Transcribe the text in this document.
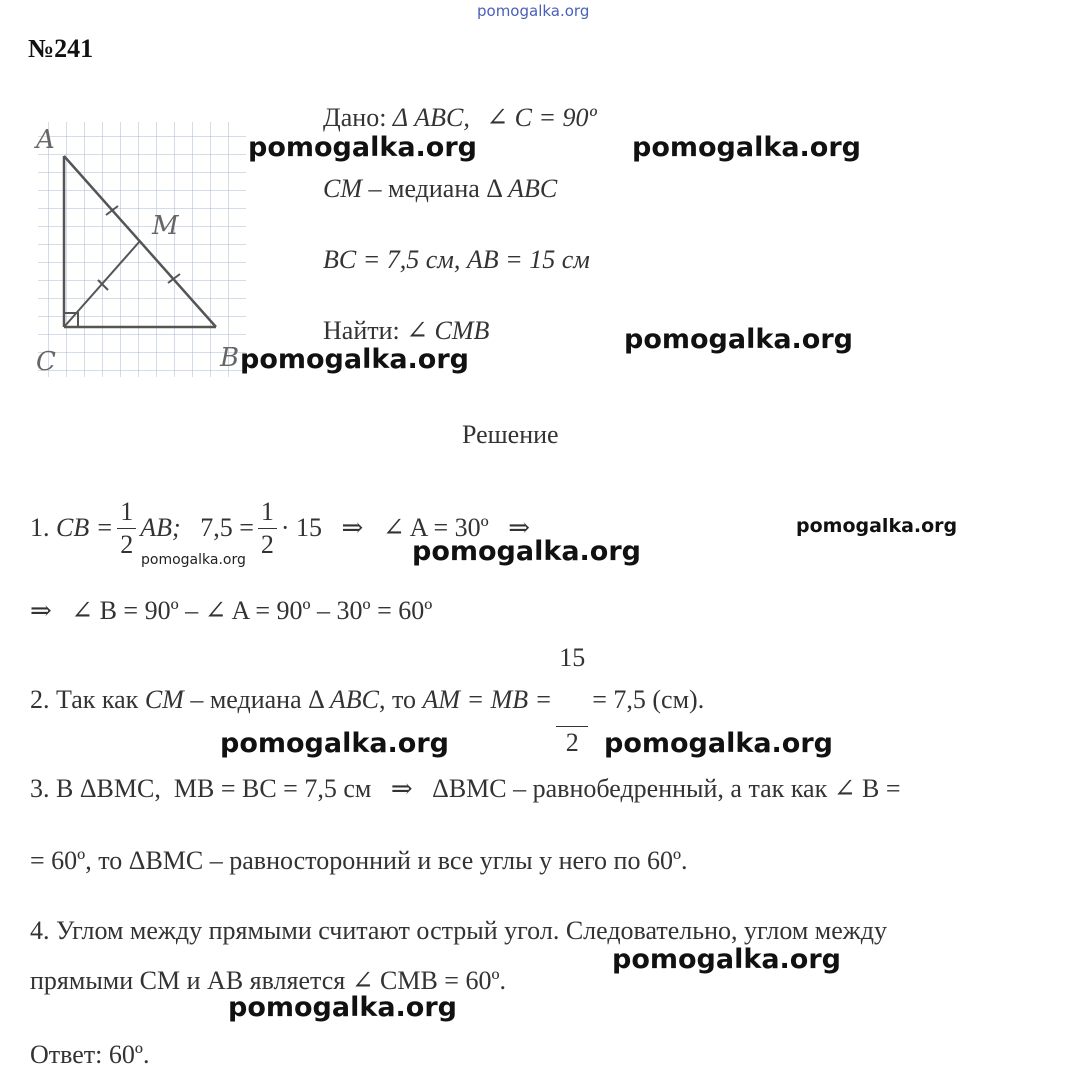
pomogalka.org
№241
A
C	B
M
Дано: Δ ABC, ∠ C = 90º
CM – медиана Δ ABC
BC = 7,5 см, AB = 15 см
Найти: ∠ CMB
Решение
1.
CB = $\frac{1}{2}$ AB;
$7,5 = \frac{1}{2} \cdot 15$   ⇒   ∠ A = 30º   ⇒
⇒   ∠ B = 90º – ∠ A = 90º – 30º = 60º
2. Так как CM – медиана Δ ABC , то AM = MB =

$\frac{15}{2}$

= 7,5 (см).
3. В ΔBMC,  MB = BC = 7,5 см   ⇒   ΔBMC – равнобедренный, а так как ∠ B =
= 60º, то ΔBMC – равносторонний и все углы у него по 60º.
4. Углом между прямыми считают острый угол. Следовательно, углом между
прямыми CM и AB является ∠ CMB = 60º.
Ответ: 60º.
pomogalka.org	pomogalka.org
pomogalka.org
pomogalka.org
pomogalka.org
pomogalka.org
pomogalka.org
pomogalka.org	pomogalka.org
pomogalka.org
pomogalka.org
